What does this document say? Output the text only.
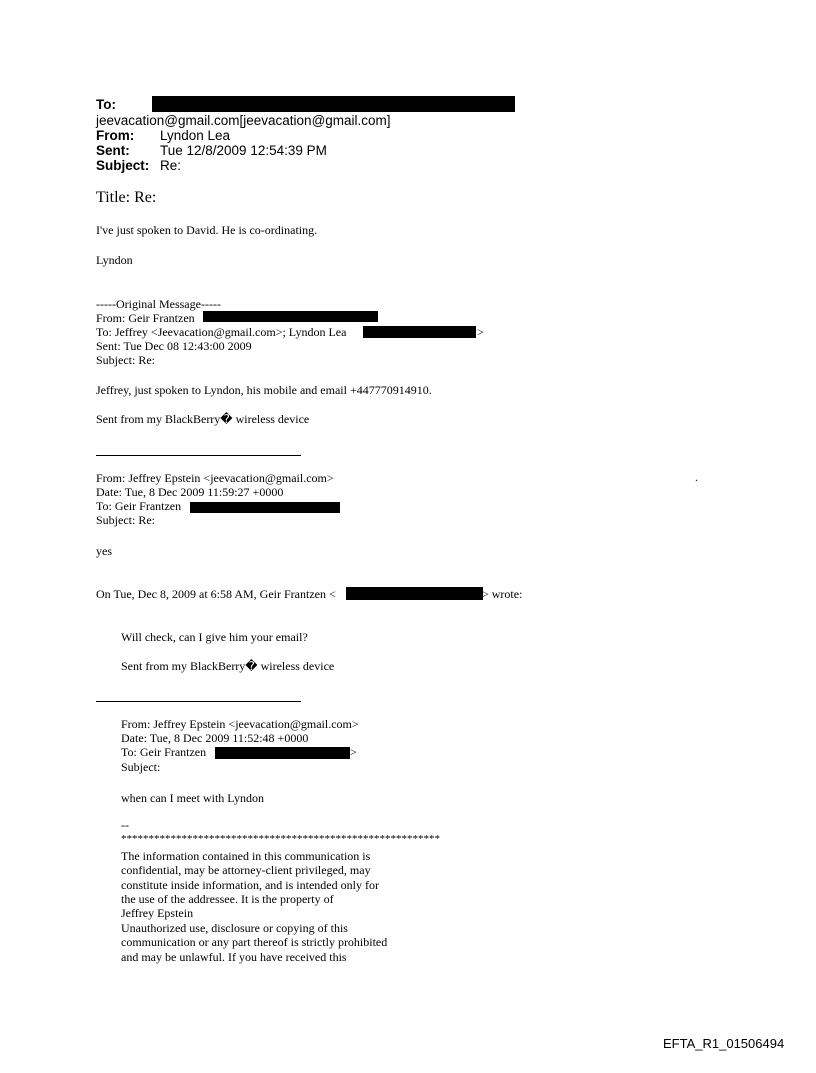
To:
jeevacation@gmail.com[jeevacation@gmail.com]
From: Lyndon Lea
Sent: Tue 12/8/2009 12:54:39 PM
Subject: Re:
Title: Re:
I've just spoken to David. He is co-ordinating.
Lyndon
-----Original Message-----
From: Geir Frantzen
To: Jeffrey <Jeevacation@gmail.com>; Lyndon Lea	>
Sent: Tue Dec 08 12:43:00 2009
Subject: Re:
Jeffrey, just spoken to Lyndon, his mobile and email +447770914910.
Sent from my BlackBerry� wireless device
From: Jeffrey Epstein <jeevacation@gmail.com>
Date: Tue, 8 Dec 2009 11:59:27 +0000
To: Geir Frantzen
Subject: Re:
yes
.
On Tue, Dec 8, 2009 at 6:58 AM, Geir Frantzen <	> wrote:
Will check, can I give him your email?
Sent from my BlackBerry� wireless device
From: Jeffrey Epstein <jeevacation@gmail.com>
Date: Tue, 8 Dec 2009 11:52:48 +0000
To: Geir Frantzen	>
Subject:
when can I meet with Lyndon
--
**********************************************************
The information contained in this communication is
confidential, may be attorney-client privileged, may
constitute inside information, and is intended only for
the use of the addressee. It is the property of
Jeffrey Epstein
Unauthorized use, disclosure or copying of this
communication or any part thereof is strictly prohibited
and may be unlawful. If you have received this
EFTA_R1_01506494
